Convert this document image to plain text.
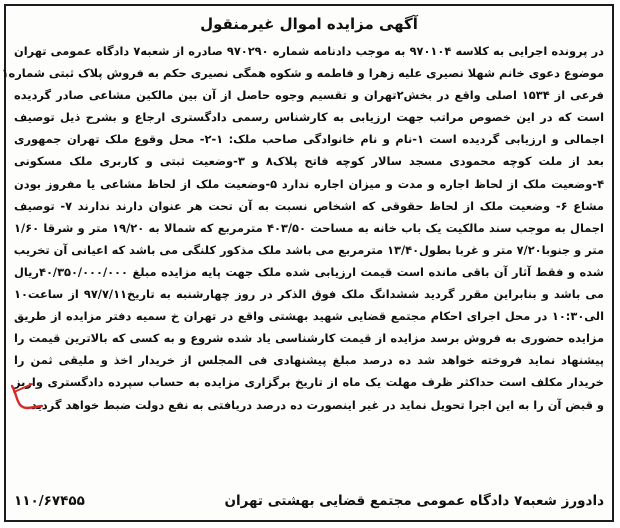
آگهی مزایده اموال غیرمنقول
در پرونده اجرایی به کلاسه ۹۷۰۱۰۴ به موجب دادنامه شماره ۹۷۰۲۹۰ صادره از شعبه۷ دادگاه عمومی تهران
موضوع دعوی خانم شهلا نصیری علیه زهرا و فاطمه و شکوه همگی نصیری حکم به فروش پلاک ثبتی شماره۱
فرعی از ۱۵۳۴ اصلی واقع در بخش۲تهران و تقسیم وجوه حاصل از آن بین مالکین مشاعی صادر گردیده
است که در این خصوص مراتب جهت ارزیابی به کارشناس رسمی دادگستری ارجاع و بشرح ذیل توصیف
اجمالی و ارزیابی گردیده است ۱-نام و نام خانوادگی صاحب ملک: ۱-۲- محل وقوع ملک تهران جمهوری
بعد از ملت کوچه محمودی مسجد سالار کوچه فاتح پلاک۸ و ۳-وضعیت ثبتی و کاربری ملک مسکونی
۴-وضعیت ملک از لحاظ اجاره و مدت و میزان اجاره ندارد ۵-وضعیت ملک از لحاظ مشاعی یا مفروز بودن
مشاع ۶- وضعیت ملک از لحاظ حقوقی که اشخاص نسبت به آن تحت هر عنوان دارند ندارند ۷- توصیف
اجمال به موجب سند مالکیت یک باب خانه به مساحت ۴۰۳/۵۰ مترمربع که شمالا به ۱۹/۲۰ متر و شرقا ۱/۶۰
متر و جنوبا۷/۲۰ متر و غربا بطول۱۳/۴۰ مترمربع می باشد ملک مذکور کلنگی می باشد که اعیانی آن تخریب
شده و فقط آثار آن باقی مانده است قیمت ارزیابی شده ملک جهت پایه مزایده مبلغ ۴۰/۳۵۰/۰۰۰/۰۰۰ریال
می باشد و بنابراین مقرر گردید ششدانگ ملک فوق الذکر در روز چهارشنبه به تاریخ۹۷/۷/۱۱ از ساعت۱۰
الی۱۰:۳۰ در محل اجرای احکام مجتمع قضایی شهید بهشتی واقع در تهران خ سمیه دفتر مزایده از طریق
مزایده حضوری به فروش برسد مزایده از قیمت کارشناسی یاد شده شروع و به کسی که بالاترین قیمت را
پیشنهاد نماید فروخته خواهد شد ده درصد مبلغ پیشنهادی فی المجلس از خریدار اخذ و ملیقی ثمن را
خریدار مکلف است حداکثر ظرف مهلت یک ماه از تاریخ برگزاری مزایده به حساب سپرده دادگستری واریز
و قبض آن را به این اجرا تحویل نماید در غیر اینصورت ده درصد دریافتی به نفع دولت ضبط خواهد گردید.
دادورز شعبه۷ دادگاه عمومی مجتمع قضایی بهشتی تهران
۱۱۰/۶۷۴۵۵
